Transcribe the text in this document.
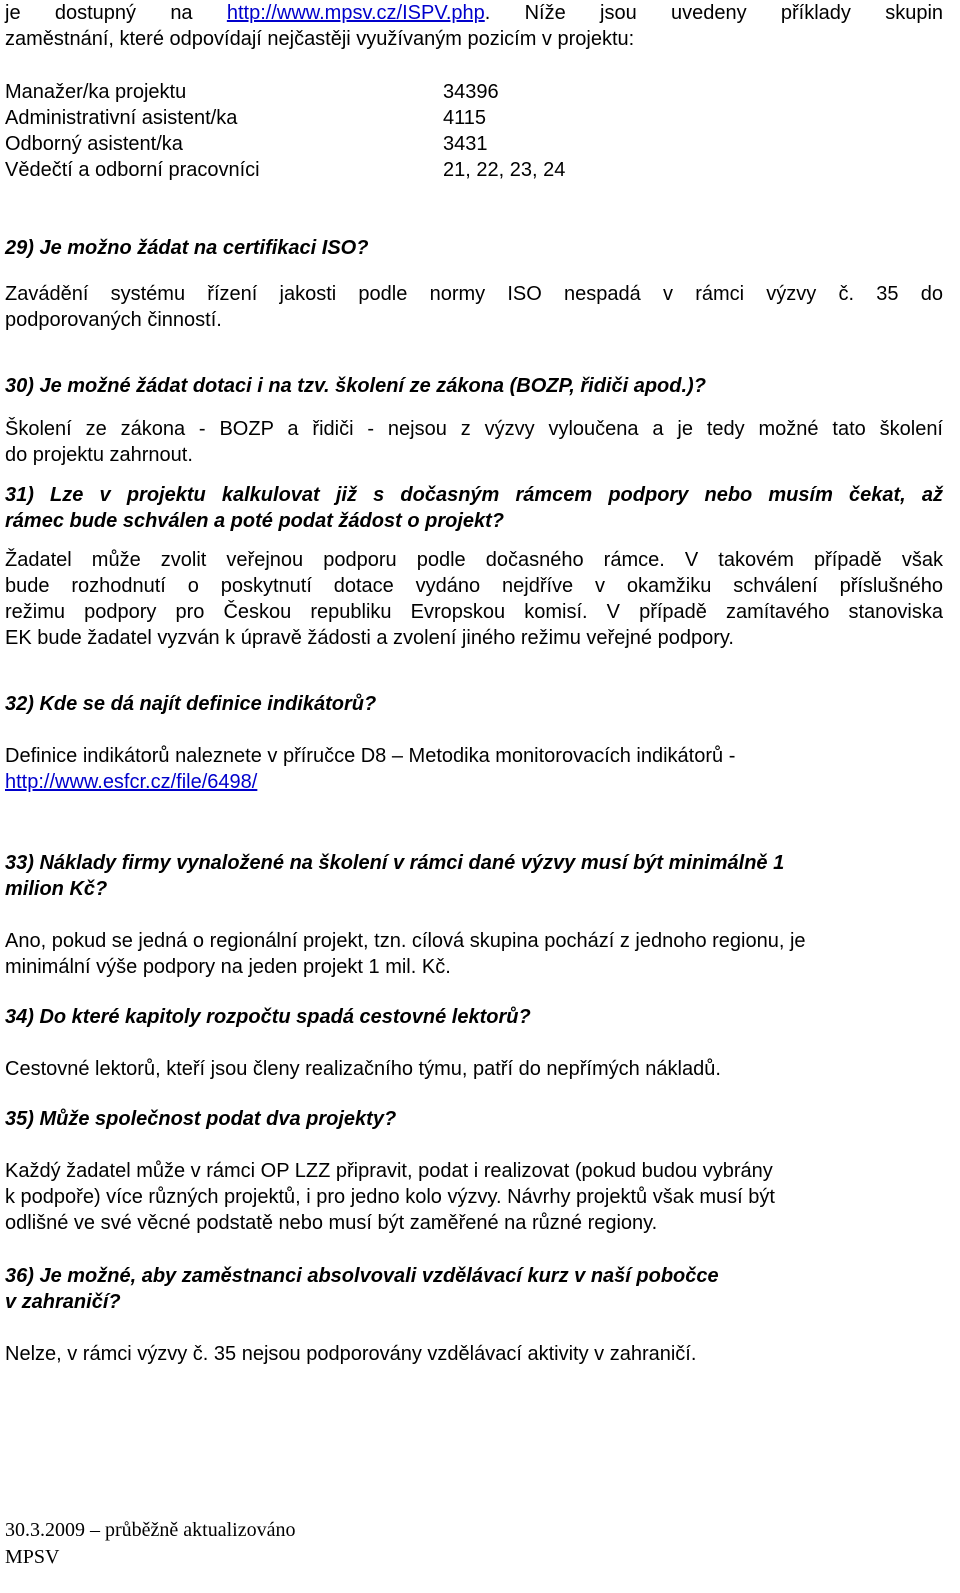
je dostupný na http://www.mpsv.cz/ISPV.php. Níže jsou uvedeny příklady skupin

zaměstnání, které odpovídají nejčastěji využívaným pozicím v projektu:

Manažer/ka projektu	34396
Administrativní asistent/ka	4115
Odborný asistent/ka	3431
Vědečtí a odborní pracovníci	21, 22, 23, 24

29) Je možno žádat na certifikaci ISO?

Zavádění systému řízení jakosti podle normy ISO nespadá v rámci výzvy č. 35 do

podporovaných činností.

30) Je možné žádat dotaci i na tzv. školení ze zákona (BOZP, řidiči apod.)?

Školení ze zákona - BOZP a řidiči - nejsou z výzvy vyloučena a je tedy možné tato školení

do projektu zahrnout.

31) Lze v projektu kalkulovat již s dočasným rámcem podpory nebo musím čekat, až

rámec bude schválen a poté podat žádost o projekt?

Žadatel může zvolit veřejnou podporu podle dočasného rámce. V takovém případě však

bude rozhodnutí o poskytnutí dotace vydáno nejdříve v okamžiku schválení příslušného

režimu podpory pro Českou republiku Evropskou komisí. V případě zamítavého stanoviska

EK bude žadatel vyzván k úpravě žádosti a zvolení jiného režimu veřejné podpory.

32) Kde se dá najít definice indikátorů?

Definice indikátorů naleznete v příručce D8 – Metodika monitorovacích indikátorů -

http://www.esfcr.cz/file/6498/

33) Náklady firmy vynaložené na školení v rámci dané výzvy musí být minimálně 1

milion Kč?

Ano, pokud se jedná o regionální projekt, tzn. cílová skupina pochází z jednoho regionu, je

minimální výše podpory na jeden projekt 1 mil. Kč.

34) Do které kapitoly rozpočtu spadá cestovné lektorů?

Cestovné lektorů, kteří jsou členy realizačního týmu, patří do nepřímých nákladů.

35) Může společnost podat dva projekty?

Každý žadatel může v rámci OP LZZ připravit, podat i realizovat (pokud budou vybrány

k podpoře) více různých projektů, i pro jedno kolo výzvy. Návrhy projektů však musí být

odlišné ve své věcné podstatě nebo musí být zaměřené na různé regiony.

36) Je možné, aby zaměstnanci absolvovali vzdělávací kurz v naší pobočce

v zahraničí?

Nelze, v rámci výzvy č. 35 nejsou podporovány vzdělávací aktivity v zahraničí.

30.3.2009 – průběžně aktualizováno

MPSV
